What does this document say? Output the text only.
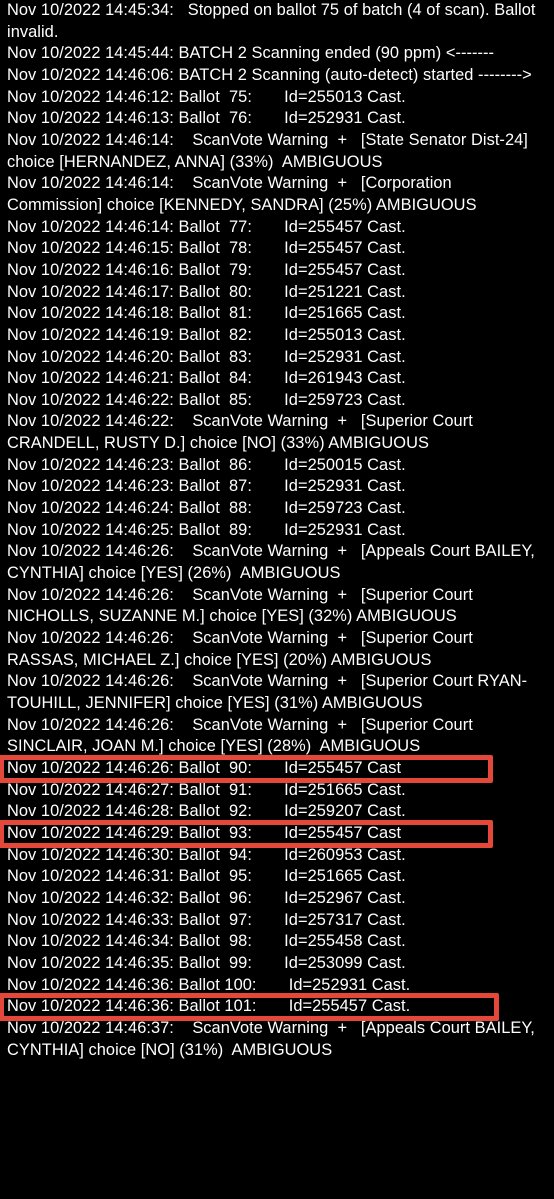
Nov 10/2022 14:45:34:   Stopped on ballot 75 of batch (4 of scan). Ballot invalid.
Nov 10/2022 14:45:44: BATCH 2 Scanning ended (90 ppm) <-------
Nov 10/2022 14:46:06: BATCH 2 Scanning (auto-detect) started -------->
Nov 10/2022 14:46:12: Ballot  75:       Id=255013 Cast.
Nov 10/2022 14:46:13: Ballot  76:       Id=252931 Cast.
Nov 10/2022 14:46:14:    ScanVote Warning  +   [State Senator Dist-24] choice [HERNANDEZ, ANNA] (33%)  AMBIGUOUS
Nov 10/2022 14:46:14:    ScanVote Warning  +   [Corporation Commission] choice [KENNEDY, SANDRA] (25%) AMBIGUOUS
Nov 10/2022 14:46:14: Ballot  77:       Id=255457 Cast.
Nov 10/2022 14:46:15: Ballot  78:       Id=255457 Cast.
Nov 10/2022 14:46:16: Ballot  79:       Id=255457 Cast.
Nov 10/2022 14:46:17: Ballot  80:       Id=251221 Cast.
Nov 10/2022 14:46:18: Ballot  81:       Id=251665 Cast.
Nov 10/2022 14:46:19: Ballot  82:       Id=255013 Cast.
Nov 10/2022 14:46:20: Ballot  83:       Id=252931 Cast.
Nov 10/2022 14:46:21: Ballot  84:       Id=261943 Cast.
Nov 10/2022 14:46:22: Ballot  85:       Id=259723 Cast.
Nov 10/2022 14:46:22:    ScanVote Warning  +   [Superior Court CRANDELL, RUSTY D.] choice [NO] (33%) AMBIGUOUS
Nov 10/2022 14:46:23: Ballot  86:       Id=250015 Cast.
Nov 10/2022 14:46:23: Ballot  87:       Id=252931 Cast.
Nov 10/2022 14:46:24: Ballot  88:       Id=259723 Cast.
Nov 10/2022 14:46:25: Ballot  89:       Id=252931 Cast.
Nov 10/2022 14:46:26:    ScanVote Warning  +   [Appeals Court BAILEY, CYNTHIA] choice [YES] (26%)  AMBIGUOUS
Nov 10/2022 14:46:26:    ScanVote Warning  +   [Superior Court NICHOLLS, SUZANNE M.] choice [YES] (32%) AMBIGUOUS
Nov 10/2022 14:46:26:    ScanVote Warning  +   [Superior Court RASSAS, MICHAEL Z.] choice [YES] (20%) AMBIGUOUS
Nov 10/2022 14:46:26:    ScanVote Warning  +   [Superior Court RYAN-TOUHILL, JENNIFER] choice [YES] (31%) AMBIGUOUS
Nov 10/2022 14:46:26:    ScanVote Warning  +   [Superior Court SINCLAIR, JOAN M.] choice [YES] (28%)  AMBIGUOUS
Nov 10/2022 14:46:26: Ballot  90:       Id=255457 Cast
Nov 10/2022 14:46:27: Ballot  91:       Id=251665 Cast.
Nov 10/2022 14:46:28: Ballot  92:       Id=259207 Cast.
Nov 10/2022 14:46:29: Ballot  93:       Id=255457 Cast
Nov 10/2022 14:46:30: Ballot  94:       Id=260953 Cast.
Nov 10/2022 14:46:31: Ballot  95:       Id=251665 Cast.
Nov 10/2022 14:46:32: Ballot  96:       Id=252967 Cast.
Nov 10/2022 14:46:33: Ballot  97:       Id=257317 Cast.
Nov 10/2022 14:46:34: Ballot  98:       Id=255458 Cast.
Nov 10/2022 14:46:35: Ballot  99:       Id=253099 Cast.
Nov 10/2022 14:46:36: Ballot 100:       Id=252931 Cast.
Nov 10/2022 14:46:36: Ballot 101:       Id=255457 Cast.
Nov 10/2022 14:46:37:    ScanVote Warning  +   [Appeals Court BAILEY, CYNTHIA] choice [NO] (31%)  AMBIGUOUS
